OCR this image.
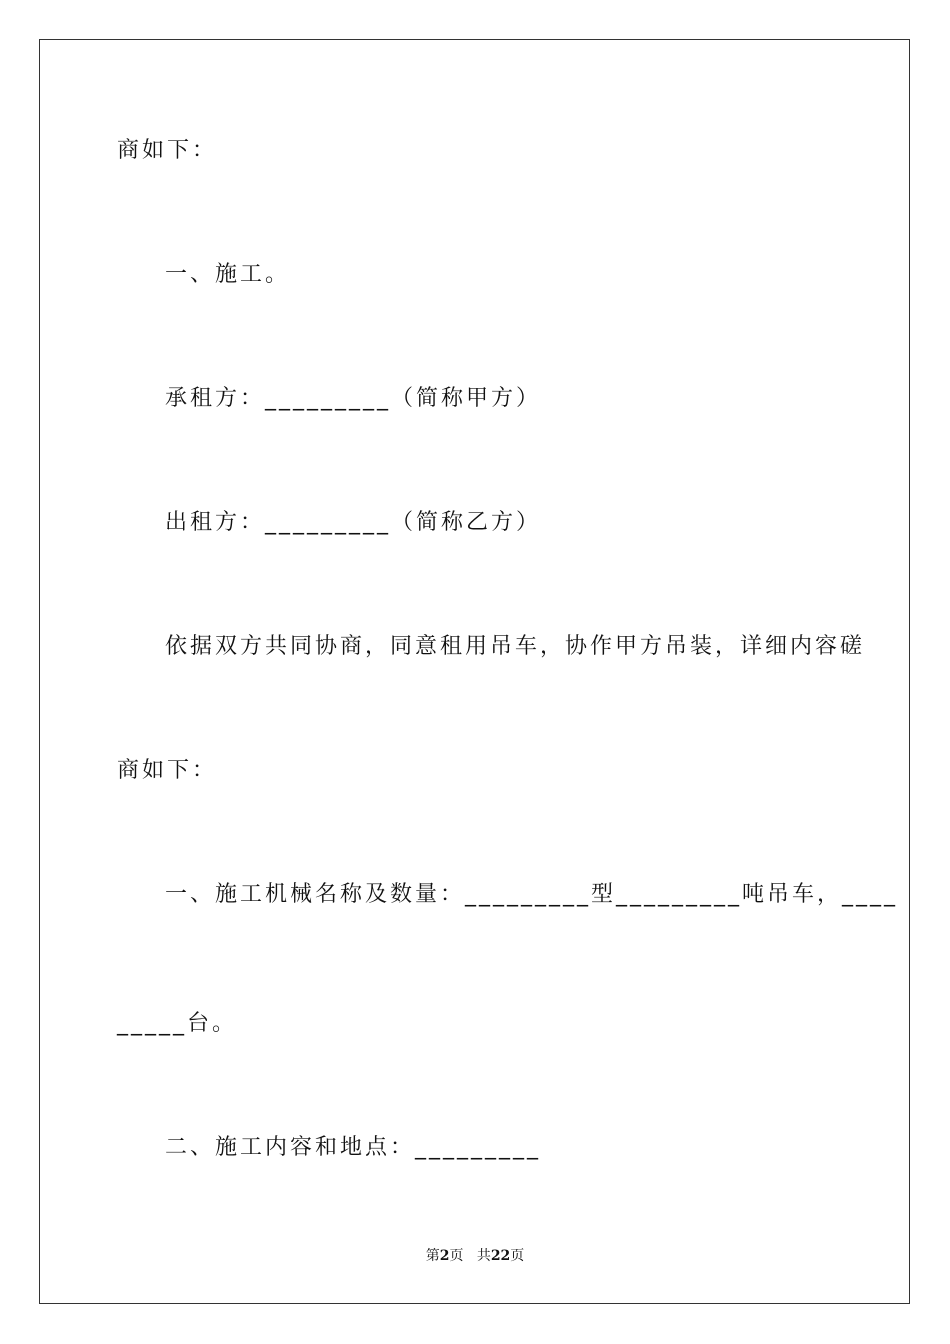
商如下：
一、施工。
承租方：_________（简称甲方）
出租方：_________（简称乙方）
依据双方共同协商，同意租用吊车，协作甲方吊装，详细内容磋
商如下：
一、施工机械名称及数量：_________型_________吨吊车，____
_____台。
二、施工内容和地点：_________
第2页 共22页
